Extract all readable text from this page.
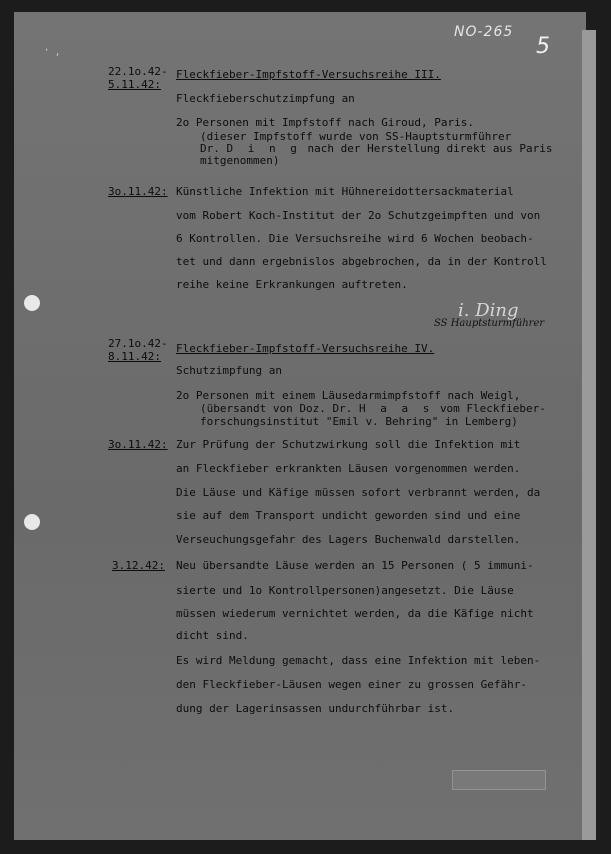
' ,
NO-265
5
22.1o.42-
5.11.42:
Fleckfieber-Impfstoff-Versuchsreihe III.
Fleckfieberschutzimpfung an
2o Personen mit Impfstoff nach Giroud, Paris.
(dieser Impfstoff wurde von SS-Hauptsturmführer
Dr. D i n g nach der Herstellung direkt aus Paris
mitgenommen)
3o.11.42: Künstliche Infektion mit Hühnereidottersackmaterial
vom Robert Koch-Institut der 2o Schutzgeimpften und von
6 Kontrollen. Die Versuchsreihe wird 6 Wochen beobach-
tet und dann ergebnislos abgebrochen, da in der Kontroll
reihe keine Erkrankungen auftreten.
i. Ding
SS Hauptsturmführer
27.1o.42-
8.11.42:
Fleckfieber-Impfstoff-Versuchsreihe IV.
Schutzimpfung an
2o Personen mit einem Läusedarmimpfstoff nach Weigl,
(übersandt von Doz. Dr. H a a s vom Fleckfieber-
forschungsinstitut "Emil v. Behring" in Lemberg)
3o.11.42: Zur Prüfung der Schutzwirkung soll die Infektion mit
an Fleckfieber erkrankten Läusen vorgenommen werden.
Die Läuse und Käfige müssen sofort verbrannt werden, da
sie auf dem Transport undicht geworden sind und eine
Verseuchungsgefahr des Lagers Buchenwald darstellen.
3.12.42: Neu übersandte Läuse werden an 15 Personen ( 5 immuni-
sierte und 1o Kontrollpersonen)angesetzt. Die Läuse
müssen wiederum vernichtet werden, da die Käfige nicht
dicht sind.
Es wird Meldung gemacht, dass eine Infektion mit leben-
den Fleckfieber-Läusen wegen einer zu grossen Gefähr-
dung der Lagerinsassen undurchführbar ist.
